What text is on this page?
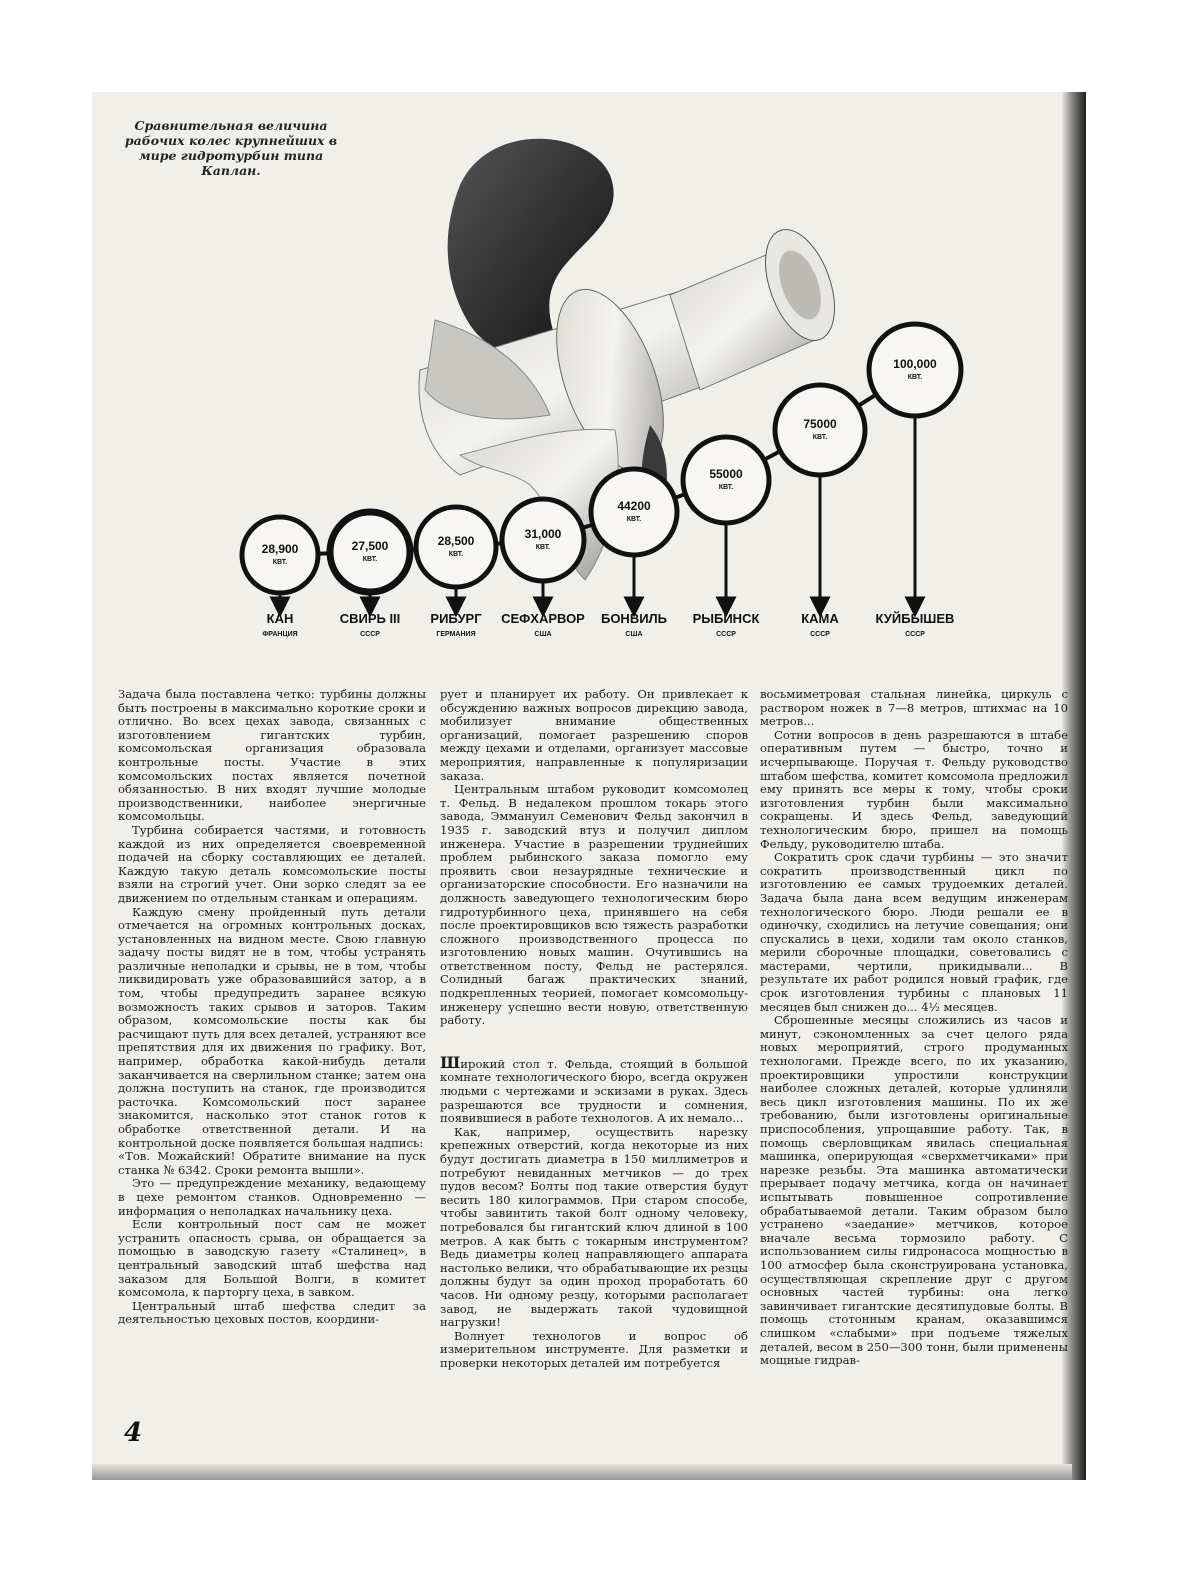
Сравнительная величина рабочих колес крупнейших в мире гидротурбин типа Каплан.
28,900
КВТ.
КАН
ФРАНЦИЯ
27,500
КВТ.
СВИРЬ III
СССР
28,500
КВТ.
РИБУРГ
ГЕРМАНИЯ
31,000
КВТ.
СЕФХАРВОР
США
44200
КВТ.
БОНВИЛЬ
США
55000
КВТ.
РЫБИНСК
СССР
75000
КВТ.
КАМА
СССР
100,000
КВТ.
КУЙБЫШЕВ
СССР

Задача была поставлена четко: турбины должны быть построены в максимально короткие сроки и отлично. Во всех цехах завода, связанных с изготовлением гигантских турбин, комсомольская организация образовала контрольные посты. Участие в этих комсомольских постах является почетной обязанностью. В них входят лучшие молодые производственники, наиболее энергичные комсомольцы.

Турбина собирается частями, и готовность каждой из них определяется своевременной подачей на сборку составляющих ее деталей. Каждую такую деталь комсомольские посты взяли на строгий учет. Они зорко следят за ее движением по отдельным станкам и операциям.

Каждую смену пройденный путь детали отмечается на огромных контрольных досках, установленных на видном месте. Свою главную задачу посты видят не в том, чтобы устранять различные неполадки и срывы, не в том, чтобы ликвидировать уже образовавшийся затор, а в том, чтобы предупредить заранее всякую возможность таких срывов и заторов. Таким образом, комсомольские посты как бы расчищают путь для всех деталей, устраняют все препятствия для их движения по графику. Вот, например, обработка какой-нибудь детали заканчивается на сверлильном станке; затем она должна поступить на станок, где производится расточка. Комсомольский пост заранее знакомится, насколько этот станок готов к обработке ответственной детали. И на контрольной доске появляется большая надпись:

«Тов. Можайский! Обратите внимание на пуск станка № 6342. Сроки ремонта вышли».

Это — предупреждение механику, ведающему в цехе ремонтом станков. Одновременно — информация о неполадках начальнику цеха.

Если контрольный пост сам не может устранить опасность срыва, он обращается за помощью в заводскую газету «Сталинец», в центральный заводский штаб шефства над заказом для Большой Волги, в комитет комсомола, к парторгу цеха, в завком.

Центральный штаб шефства следит за деятельностью цеховых постов, координи-

рует и планирует их работу. Он привлекает к обсуждению важных вопросов дирекцию завода, мобилизует внимание общественных организаций, помогает разрешению споров между цехами и отделами, организует массовые мероприятия, направленные к популяризации заказа.

Центральным штабом руководит комсомолец т. Фельд. В недалеком прошлом токарь этого завода, Эммануил Семенович Фельд закончил в 1935 г. заводский втуз и получил диплом инженера. Участие в разрешении труднейших проблем рыбинского заказа помогло ему проявить свои незаурядные технические и организаторские способности. Его назначили на должность заведующего технологическим бюро гидротурбинного цеха, принявшего на себя после проектировщиков всю тяжесть разработки сложного производственного процесса по изготовлению новых машин. Очутившись на ответственном посту, Фельд не растерялся. Солидный багаж практических знаний, подкрепленных теорией, помогает комсомольцу-инженеру успешно вести новую, ответственную работу.

Широкий стол т. Фельда, стоящий в большой комнате технологического бюро, всегда окружен людьми с чертежами и эскизами в руках. Здесь разрешаются все трудности и сомнения, появившиеся в работе технологов. А их немало...

Как, например, осуществить нарезку крепежных отверстий, когда некоторые из них будут достигать диаметра в 150 миллиметров и потребуют невиданных метчиков — до трех пудов весом? Болты под такие отверстия будут весить 180 килограммов. При старом способе, чтобы завинтить такой болт одному человеку, потребовался бы гигантский ключ длиной в 100 метров. А как быть с токарным инструментом? Ведь диаметры колец направляющего аппарата настолько велики, что обрабатывающие их резцы должны будут за один проход проработать 60 часов. Ни одному резцу, которыми располагает завод, не выдержать такой чудовищной нагрузки!

Волнует технологов и вопрос об измерительном инструменте. Для разметки и проверки некоторых деталей им потребуется

восьмиметровая стальная линейка, циркуль с раствором ножек в 7—8 метров, штихмас на 10 метров...

Сотни вопросов в день разрешаются в штабе оперативным путем — быстро, точно и исчерпывающе. Поручая т. Фельду руководство штабом шефства, комитет комсомола предложил ему принять все меры к тому, чтобы сроки изготовления турбин были максимально сокращены. И здесь Фельд, заведующий технологическим бюро, пришел на помощь Фельду, руководителю штаба.

Сократить срок сдачи турбины — это значит сократить производственный цикл по изготовлению ее самых трудоемких деталей. Задача была дана всем ведущим инженерам технологического бюро. Люди решали ее в одиночку, сходились на летучие совещания; они спускались в цехи, ходили там около станков, мерили сборочные площадки, советовались с мастерами, чертили, прикидывали... В результате их работ родился новый график, где срок изготовления турбины с плановых 11 месяцев был снижен до... 4½ месяцев.

Сброшенные месяцы сложились из часов и минут, сэкономленных за счет целого ряда новых мероприятий, строго продуманных технологами. Прежде всего, по их указанию, проектировщики упростили конструкции наиболее сложных деталей, которые удлиняли весь цикл изготовления машины. По их же требованию, были изготовлены оригинальные приспособления, упрощавшие работу. Так, в помощь сверловщикам явилась специальная машинка, оперирующая «сверхметчиками» при нарезке резьбы. Эта машинка автоматически прерывает подачу метчика, когда он начинает испытывать повышенное сопротивление обрабатываемой детали. Таким образом было устранено «заедание» метчиков, которое вначале весьма тормозило работу. С использованием силы гидронасоса мощностью в 100 атмосфер была сконструирована установка, осуществляющая скрепление друг с другом основных частей турбины: она легко завинчивает гигантские десятипудовые болты. В помощь стотонным кранам, оказавшимся слишком «слабыми» при подъеме тяжелых деталей, весом в 250—300 тонн, были применены мощные гидрав-

4
